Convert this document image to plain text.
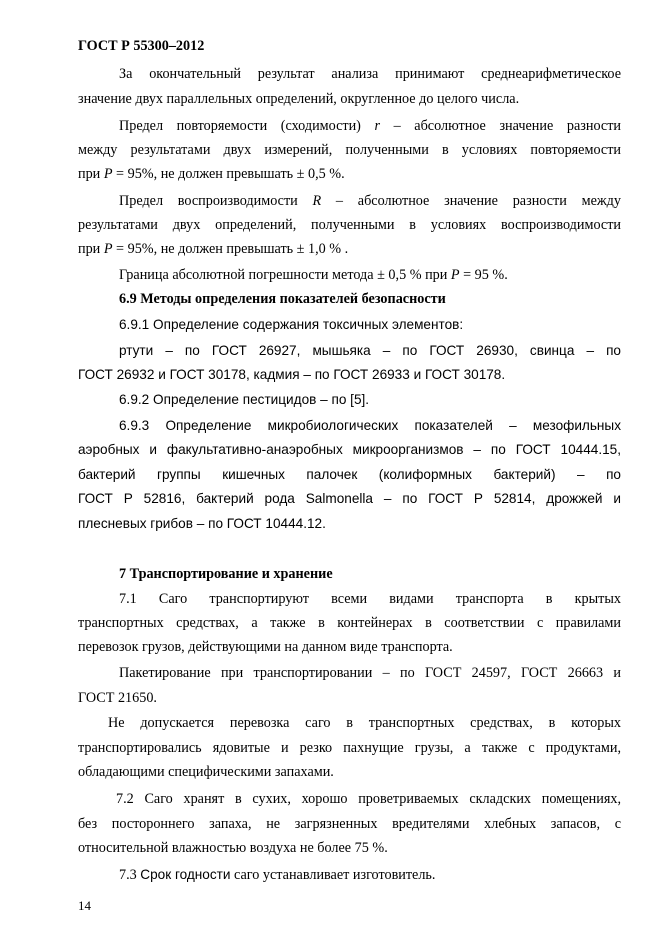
ГОСТ Р 55300–2012
За окончательный результат анализа принимают среднеарифметическое
значение двух параллельных определений, округленное до целого числа.
Предел повторяемости (сходимости) r – абсолютное значение разности
между результатами двух измерений, полученными в условиях повторяемости
при P = 95%, не должен превышать ± 0,5 %.
Предел воспроизводимости R – абсолютное значение разности между
результатами двух определений, полученными в условиях воспроизводимости
при P = 95%, не должен превышать ± 1,0 % .
Граница абсолютной погрешности метода ± 0,5 % при P = 95 %.
6.9 Методы определения показателей безопасности
6.9.1 Определение содержания токсичных элементов:
ртути – по ГОСТ 26927, мышьяка – по ГОСТ 26930, свинца – по
ГОСТ 26932 и ГОСТ 30178, кадмия – по ГОСТ 26933 и ГОСТ 30178.
6.9.2 Определение пестицидов – по [5].
6.9.3 Определение микробиологических показателей – мезофильных
аэробных и факультативно-анаэробных микроорганизмов – по ГОСТ 10444.15,
бактерий группы кишечных палочек (колиформных бактерий) – по
ГОСТ Р 52816, бактерий рода Salmonella – по ГОСТ Р 52814, дрожжей и
плесневых грибов – по ГОСТ 10444.12.
7 Транспортирование и хранение
7.1 Саго транспортируют всеми видами транспорта в крытых
транспортных средствах, а также в контейнерах в соответствии с правилами
перевозок грузов, действующими на данном виде транспорта.
Пакетирование при транспортировании – по ГОСТ 24597, ГОСТ 26663 и
ГОСТ 21650.
Не допускается перевозка саго в транспортных средствах, в которых
транспортировались ядовитые и резко пахнущие грузы, а также с продуктами,
обладающими специфическими запахами.
7.2 Саго хранят в сухих, хорошо проветриваемых складских помещениях,
без постороннего запаха, не загрязненных вредителями хлебных запасов, с
относительной влажностью воздуха не более 75 %.
7.3 Срок годности саго устанавливает изготовитель.
14
